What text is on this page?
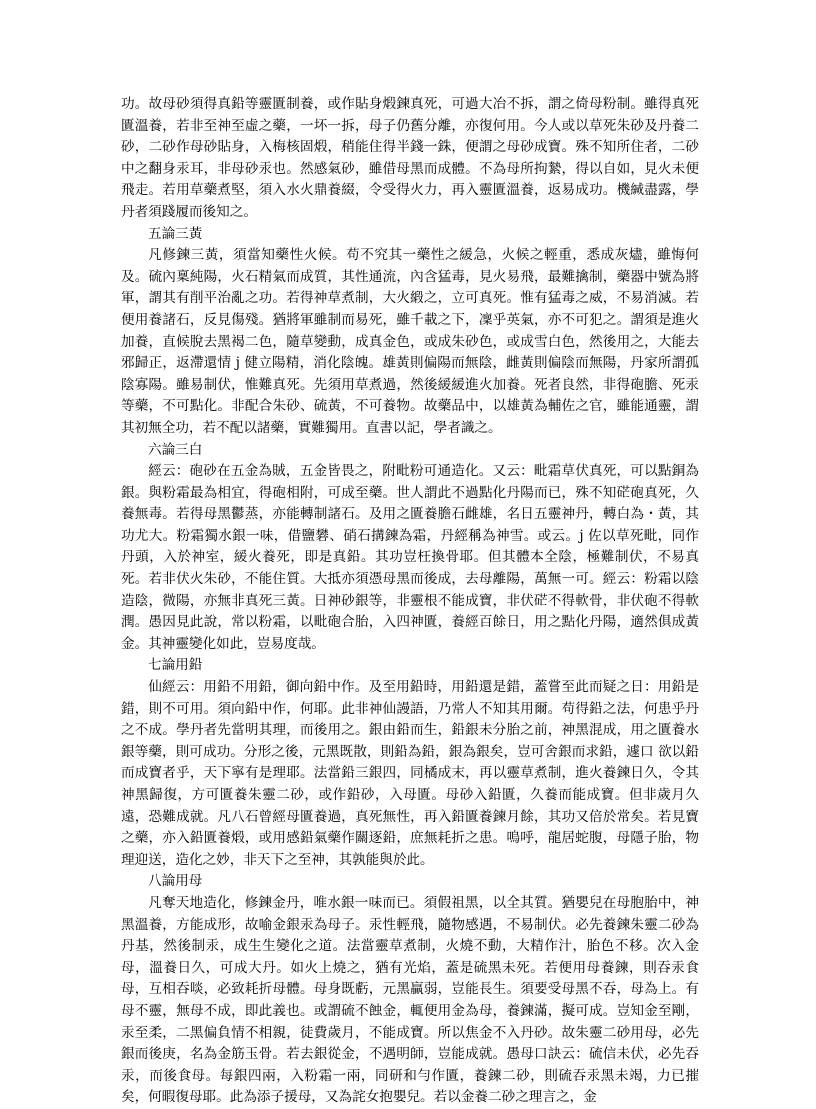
功。故母砂須得真鉛等靈匱制養，或作貼身煅鍊真死，可過大冶不拆，謂之倚母粉制。雖得真死匱溫養，若非至神至虛之藥，一坏一拆，母子仍舊分離，亦復何用。今人或以草死朱砂及丹養二砂，二砂作母砂貼身，入梅核固煅，稍能住得半錢一銖，便謂之母砂成寶。殊不知所住者，二砂中之翻身汞耳，非母砂汞也。然感氣砂，雖借母黑而成體。不為母所拘縶，得以自如，見火未便飛走。若用草藥煮堅，須入水火鼎養綴，令受得火力，再入靈匱溫養，返易成功。機緘盡露，學丹者須踐履而後知之。

五論三黃

凡修鍊三黃，須當知藥性火候。苟不究其一藥性之緩急，火候之輕重，悉成灰燼，雖悔何及。硫內稟純陽，火石精氣而成質，其性通流，內含猛毒，見火易飛，最難擒制，藥器中號為將軍，謂其有削平治亂之功。若得神草煮制，大火緞之，立可真死。惟有猛毒之威，不易消滅。若便用養諸石，反見傷殘。猶將軍雖制而易死，雖千載之下，凜乎英氣，亦不可犯之。謂須是進火加養，直候脫去黑褐二色，隨草變動，成真金色，或成朱砂色，或成雪白色，然後用之，大能去邪歸正，返滯還情 j 健立陽精，消化陰魄。雄黃則偏陽而無陰，雌黃則偏陰而無陽，丹家所謂孤陰寡陽。雖易制伏，惟難真死。先須用草煮過，然後緩緩進火加養。死者良然，非得砲膽、死汞等藥，不可點化。非配合朱砂、硫黃，不可養物。故藥品中，以雄黃為輔佐之官，雖能通靈，謂其初無全功，若不配以諸藥，實難獨用。直書以記，學者識之。

六論三白

經云：砲砂在五金為賊，五金皆畏之，附毗粉可通造化。又云：毗霜草伏真死，可以點銅為銀。與粉霜最為相宜，得砲相附，可成至藥。世人謂此不過點化丹陽而已，殊不知硭砲真死，久養無毒。若得母黑鬱蒸，亦能轉制諸石。及用之匱養膽石雌雄，名日五靈神丹，轉白為・黃，其功尤大。粉霜獨水銀一味，借鹽礬、硝石搆鍊為霜，丹經稱為神雪。或云。j 佐以草死毗，同作丹頭，入於神室，緩火養死，即是真鉛。其功豈枉換骨耶。但其體本全陰，極難制伏，不易真死。若非伏火朱砂，不能住質。大抵亦須憑母黑而後成，去母離陽，萬無一可。經云：粉霜以陰造陰，微陽，亦無非真死三黃。日神砂銀等，非靈根不能成寶，非伏硭不得軟骨，非伏砲不得軟潤。愚因見此說，常以粉霜，以毗砲合胎，入四神匱，養經百餘日，用之點化丹陽，適然俱成黃金。其神靈變化如此，豈易度哉。

七論用鉛

仙經云：用鉛不用鉛，御向鉛中作。及至用鉛時，用鉛還是錯，蓋嘗至此而疑之日：用鉛是錯，則不可用。須向鉛中作，何耶。此非神仙謾語，乃常人不知其用爾。苟得鉛之法，何患乎丹之不成。學丹者先當明其理，而後用之。銀由鉛而生，鉛銀未分胎之前，神黑混成，用之匱養水銀等藥，則可成功。分形之後，元黑既散，則鉛為鉛，銀為銀矣，豈可舍銀而求鉛，遽口 欲以鉛而成寶者乎，天下寧有是理耶。法當鉛三銀四，同橘成末，再以靈草煮制，進火養鍊日久，令其神黑歸復，方可匱養朱靈二砂，或作鉛砂，入母匱。母砂入鉛匱，久養而能成寶。但非歲月久遠，恐難成就。凡八石曾經母匱養過，真死無性，再入鉛匱養鍊月餘，其功又倍於常矣。若見寶之藥，亦入鉛匱養煅，或用感鉛氣藥作關逐鉛，庶無耗折之患。嗚呼，龍居蛇腹，母隱子胎，物理迎送，造化之妙，非天下之至神，其孰能與於此。

八論用母

凡奪天地造化，修鍊金丹，唯水銀一味而已。須假祖黑，以全其質。猶嬰兒在母胞胎中，神黑溫養，方能成形，故喻金銀汞為母子。汞性輕飛，隨物感遇，不易制伏。必先養鍊朱靈二砂為丹基，然後制汞，成生生變化之道。法當靈草煮制，火燒不動，大精作汁，胎色不移。次入金母，溫養日久，可成大丹。如火上燒之，猶有光焰，蓋是硫黑未死。若便用母養鍊，則吞汞食母，互相吞啖，必致耗折母體。母身既虧，元黑贏弱，豈能長生。須要受母黑不吞，母為上。有母不靈，無母不成，即此義也。或謂硫不蝕金，輒便用金為母，養鍊滿，擬可成。豈知金至剛，汞至柔，二黑偏負情不相親，徒費歲月，不能成寶。所以焦金不入丹砂。故朱靈二砂用母，必先銀而後庚，名為金筋玉骨。若去銀從金，不遇明師，豈能成就。愚母口訣云：硫信未伏，必先吞汞，而後食母。每銀四兩，入粉霜一兩，同研和勻作匱，養鍊二砂，則硫吞汞黑未竭，力已摧矣，何暇復母耶。此為添子援母，又為詫女抱嬰兒。若以金養二砂之理言之，金
